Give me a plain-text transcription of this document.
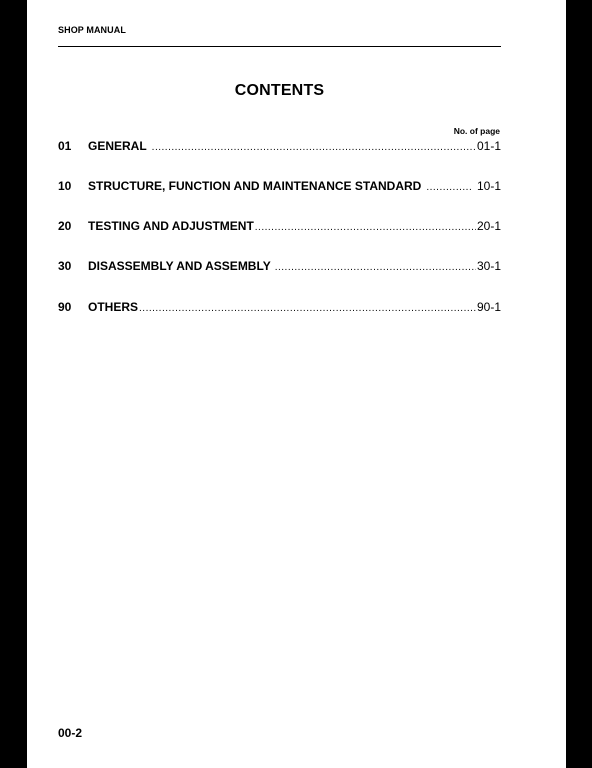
SHOP MANUAL
CONTENTS
No. of page
01	GENERAL .....	01-1
10	STRUCTURE, FUNCTION AND MAINTENANCE STANDARD .....	10-1
20	TESTING AND ADJUSTMENT .....	20-1
30	DISASSEMBLY AND ASSEMBLY .....	30-1
90	OTHERS .....	90-1
00-2
